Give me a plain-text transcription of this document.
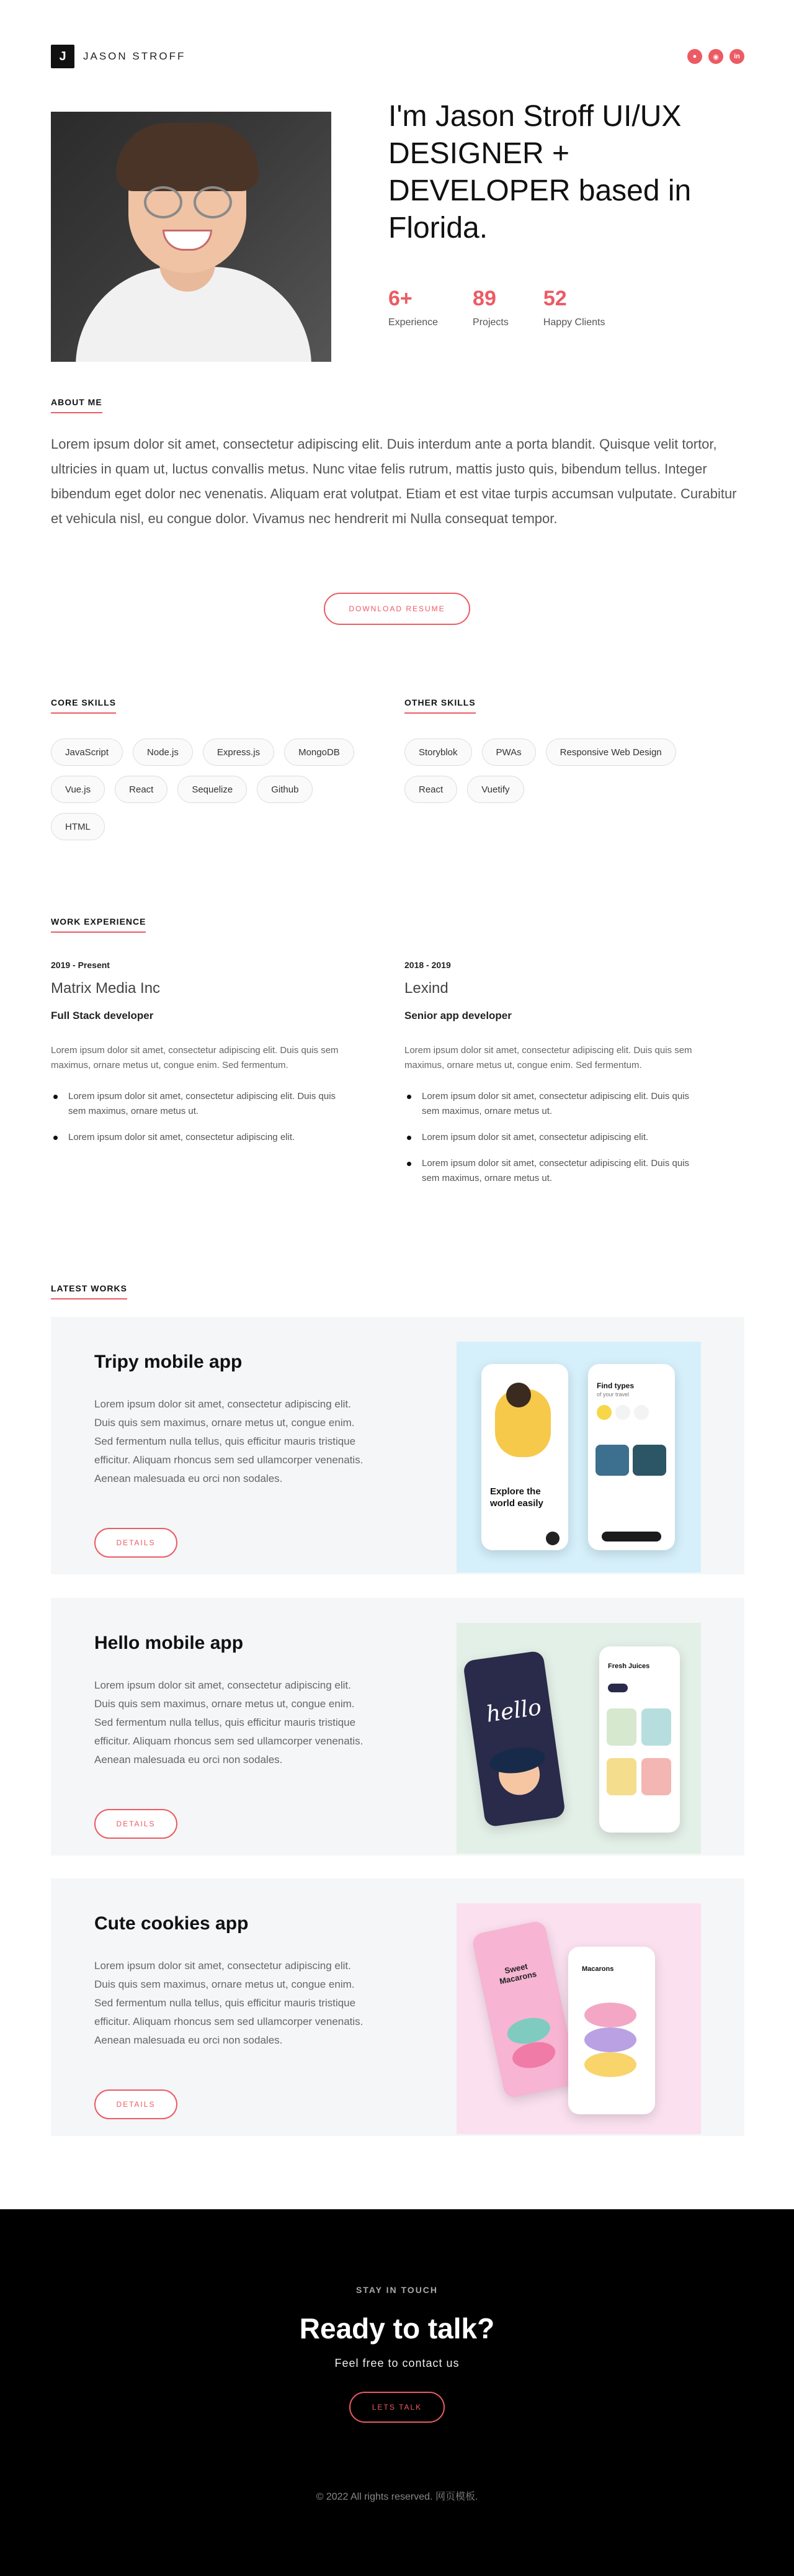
J	JASON STROFF	●	◉	in
I'm Jason Stroff UI/UX DESIGNER + DEVELOPER based in Florida.
6+
Experience
89
Projects
52
Happy Clients
ABOUT ME
Lorem ipsum dolor sit amet, consectetur adipiscing elit. Duis interdum ante a porta blandit. Quisque velit tortor, ultricies in quam ut, luctus convallis metus. Nunc vitae felis rutrum, mattis justo quis, bibendum tellus. Integer bibendum eget dolor nec venenatis. Aliquam erat volutpat. Etiam et est vitae turpis accumsan vulputate. Curabitur et vehicula nisl, eu congue dolor. Vivamus nec hendrerit mi Nulla consequat tempor.
DOWNLOAD RESUME
CORE SKILLS
JavaScript	Node.js	Express.js	MongoDB
Vue.js	React	Sequelize	Github
HTML
OTHER SKILLS
Storyblok	PWAs	Responsive Web Design
React	Vuetify
WORK EXPERIENCE
2019 - Present
Matrix Media Inc
Full Stack developer
Lorem ipsum dolor sit amet, consectetur adipiscing elit. Duis quis sem maximus, ornare metus ut, congue enim. Sed fermentum.
Lorem ipsum dolor sit amet, consectetur adipiscing elit. Duis quis sem maximus, ornare metus ut.
Lorem ipsum dolor sit amet, consectetur adipiscing elit.
2018 - 2019
Lexind
Senior app developer
Lorem ipsum dolor sit amet, consectetur adipiscing elit. Duis quis sem maximus, ornare metus ut, congue enim. Sed fermentum.
Lorem ipsum dolor sit amet, consectetur adipiscing elit. Duis quis sem maximus, ornare metus ut.
Lorem ipsum dolor sit amet, consectetur adipiscing elit.
Lorem ipsum dolor sit amet, consectetur adipiscing elit. Duis quis sem maximus, ornare metus ut.
LATEST WORKS
Tripy mobile app
Lorem ipsum dolor sit amet, consectetur adipiscing elit. Duis quis sem maximus, ornare metus ut, congue enim. Sed fermentum nulla tellus, quis efficitur mauris tristique efficitur. Aliquam rhoncus sem sed ullamcorper venenatis. Aenean malesuada eu orci non sodales.
DETAILS
Explore the world easily
Find types
of your travel
Hello mobile app
Lorem ipsum dolor sit amet, consectetur adipiscing elit. Duis quis sem maximus, ornare metus ut, congue enim. Sed fermentum nulla tellus, quis efficitur mauris tristique efficitur. Aliquam rhoncus sem sed ullamcorper venenatis. Aenean malesuada eu orci non sodales.
DETAILS
hello
Fresh Juices
Cute cookies app
Lorem ipsum dolor sit amet, consectetur adipiscing elit. Duis quis sem maximus, ornare metus ut, congue enim. Sed fermentum nulla tellus, quis efficitur mauris tristique efficitur. Aliquam rhoncus sem sed ullamcorper venenatis. Aenean malesuada eu orci non sodales.
DETAILS
Sweet Macarons
Macarons
STAY IN TOUCH
Ready to talk?
Feel free to contact us
LETS TALK
© 2022 All rights reserved. 网页模板.
